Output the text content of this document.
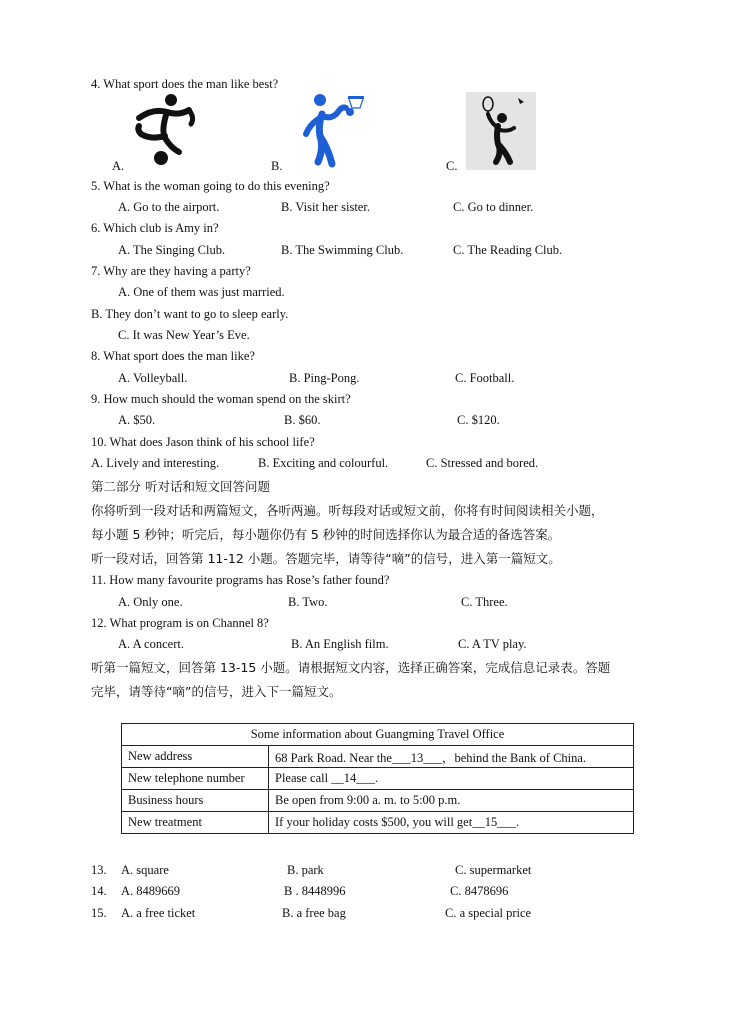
4. What sport does the man like best?
A.	B.	C.
5. What is the woman going to do this evening?
A. Go to the airport.	B. Visit her sister.	C. Go to dinner.
6. Which club is Amy in?
A. The Singing Club.	B. The Swimming Club.	C. The Reading Club.
7. Why are they having a party?
A. One of them was just married.
B. They don’t want to go to sleep early.
C. It was New Year’s Eve.
8. What sport does the man like?
A. Volleyball.	B. Ping-Pong.	C. Football.
9. How much should the woman spend on the skirt?
A. $50.	B. $60.	C. $120.
10. What does Jason think of his school life?
A. Lively and interesting.	B. Exciting and colourful.	C. Stressed and bored.
第二部分 听对话和短文回答问题
你将听到一段对话和两篇短文，各听两遍。听每段对话或短文前，你将有时间阅读相关小题，
每小题 5 秒钟；听完后，每小题你仍有 5 秒钟的时间选择你认为最合适的备选答案。
听一段对话，回答第 11-12 小题。答题完毕，请等待“嘀”的信号，进入第一篇短文。
11. How many favourite programs has Rose’s father found?
A. Only one.	B. Two.	C. Three.
12. What program is on Channel 8?
A. A concert.	B. An English film.	C. A TV play.
听第一篇短文，回答第 13-15 小题。请根据短文内容，选择正确答案，完成信息记录表。答题
完毕，请等待“嘀”的信号，进入下一篇短文。
Some information about Guangming Travel Office	
New address	68 Park Road. Near the___13___，behind the Bank of China.
New telephone number	Please call __14___.
Business hours	Be open from 9:00 a. m. to 5:00 p.m.
New treatment	If your holiday costs $500, you will get__15___.
13. A. square	B. park	C. supermarket
14. A. 8489669	B . 8448996	C. 8478696
15. A. a free ticket	B. a free bag	C. a special price
